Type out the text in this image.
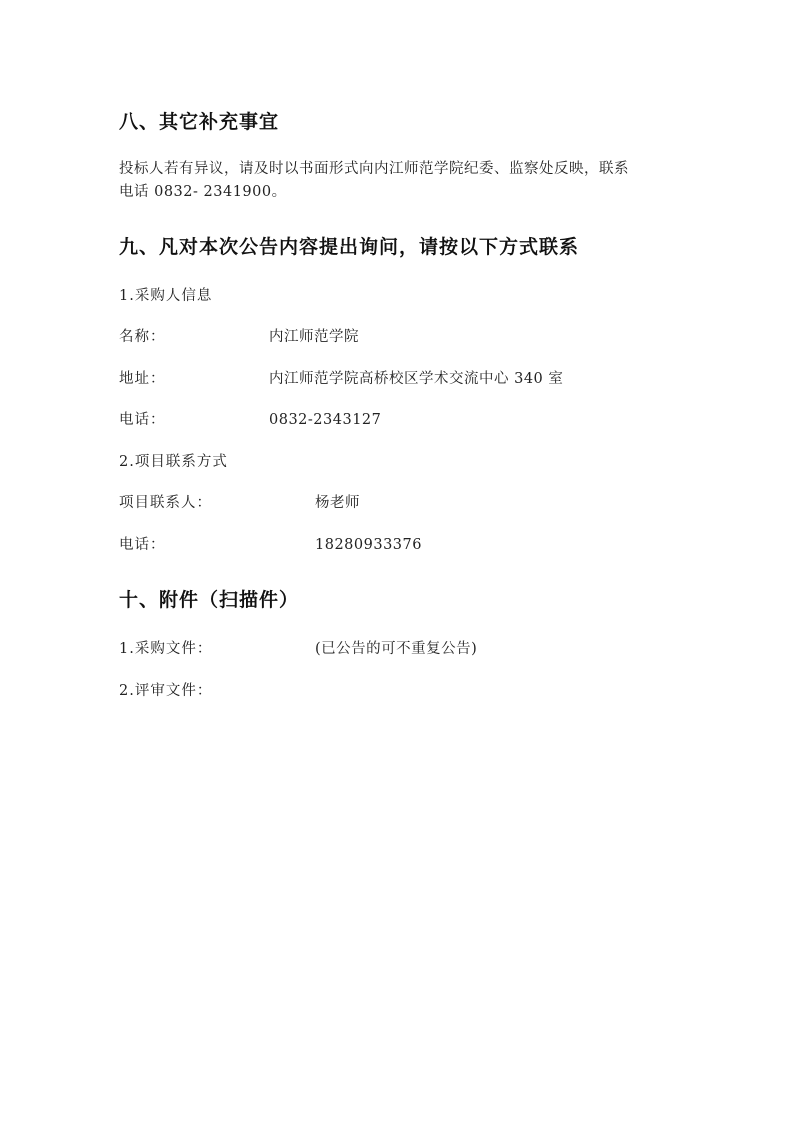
八、其它补充事宜
投标人若有异议，请及时以书面形式向内江师范学院纪委、监察处反映，联系
电话 0832- 2341900。
九、凡对本次公告内容提出询问，请按以下方式联系
1.采购人信息
名称：	内江师范学院
地址：	内江师范学院高桥校区学术交流中心 340 室
电话：	0832-2343127
2.项目联系方式
项目联系人：	杨老师
电话：	18280933376
十、附件（扫描件）
1.采购文件：	(已公告的可不重复公告)
2.评审文件：
